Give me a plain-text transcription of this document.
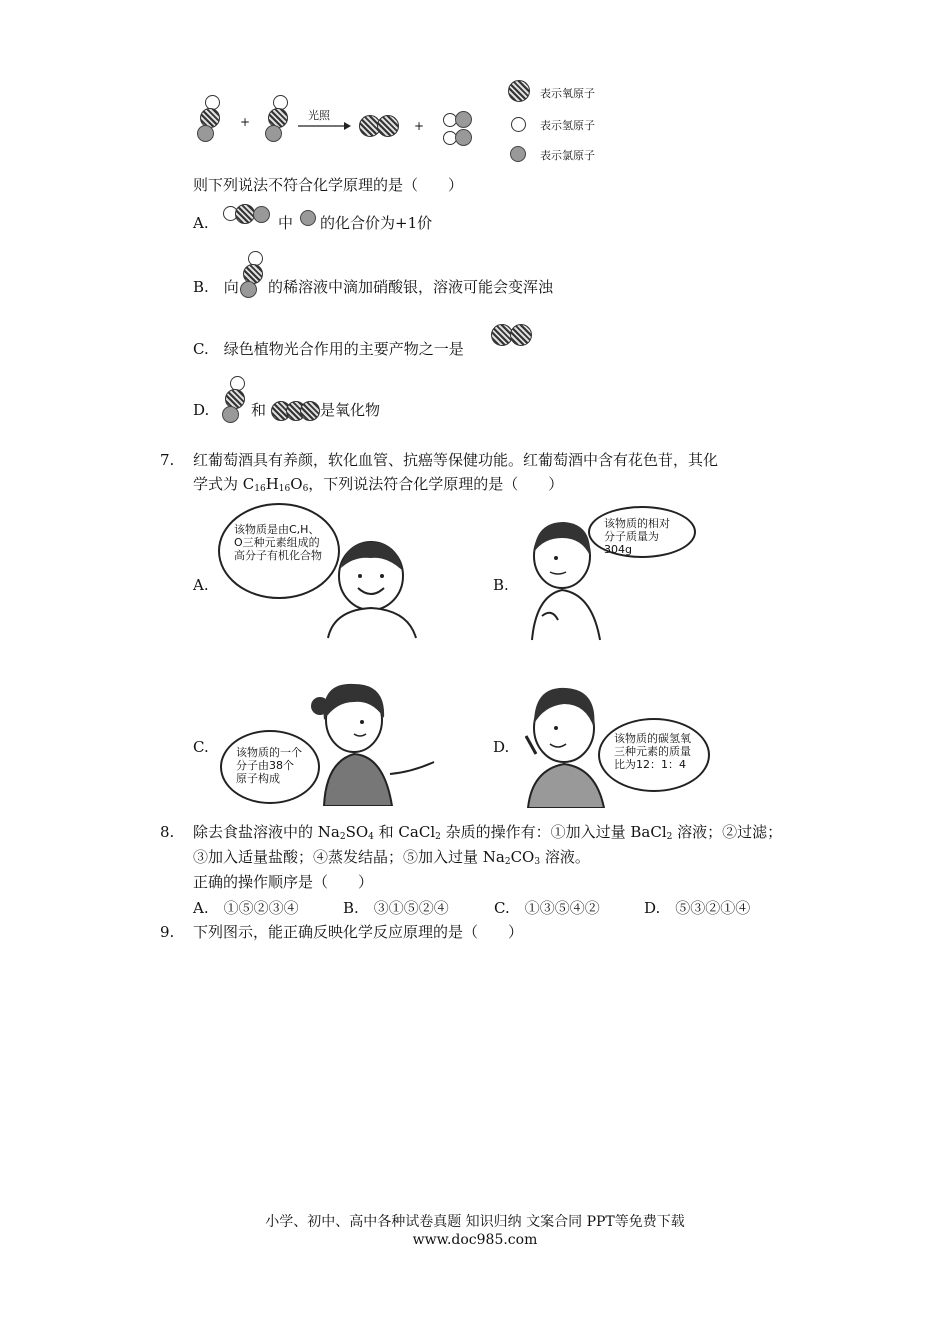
+	光照
+
表示氧原子
表示氢原子
表示氯原子
则下列说法不符合化学原理的是（　　）
A.	中 的化合价为+1价
B.　向 的稀溶液中滴加硝酸银，溶液可能会变浑浊
C.　绿色植物光合作用的主要产物之一是
D.	和	是氧化物
7. 红葡萄酒具有养颜，软化血管、抗癌等保健功能。红葡萄酒中含有花色苷，其化
学式为 $C_{16}H_{16}O_6$，下列说法符合化学原理的是（　　）
A.
该物质是由C,H、O三种元素组成的高分子有机化合物
B.
该物质的相对分子质量为304g
C.	该物质的一个分子由38个原子构成
D.	该物质的碳氢氧三种元素的质量比为12：1：4
8. 除去食盐溶液中的 $Na_2SO_4$ 和 CaCl$_2$ 杂质的操作有：①加入过量 BaCl$_2$ 溶液；②过滤；
③加入适量盐酸；④蒸发结晶；⑤加入过量 $Na_2CO_3$ 溶液。
正确的操作顺序是（　　）
A.　①⑤②③④	B.　③①⑤②④	C.　①③⑤④②	D.　⑤③②①④
9. 下列图示，能正确反映化学反应原理的是（　　）
小学、初中、高中各种试卷真题 知识归纳 文案合同 PPT等免费下载
www.doc985.com
